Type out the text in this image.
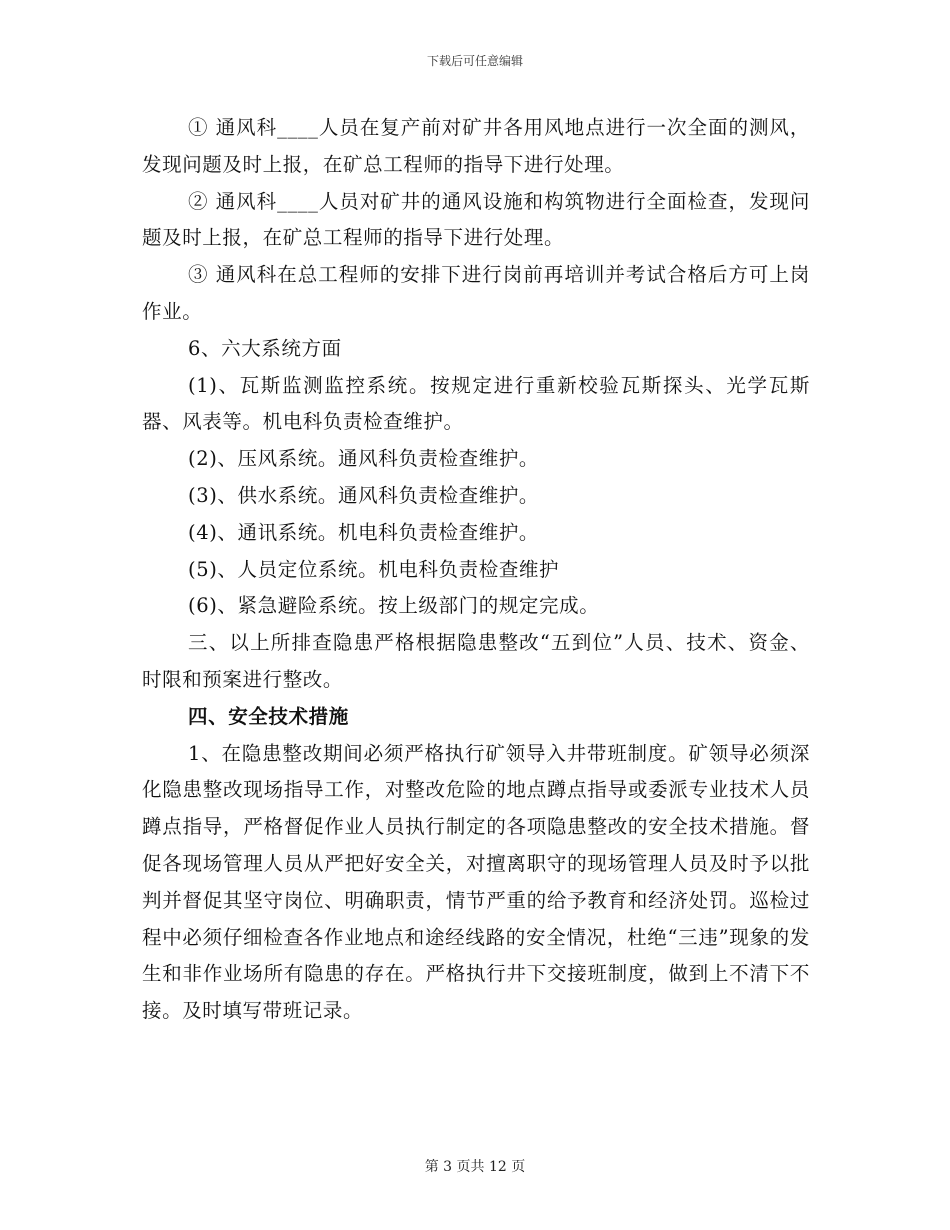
下载后可任意编辑

① 通风科____人员在复产前对矿井各用风地点进行一次全面的测风，发现问题及时上报，在矿总工程师的指导下进行处理。

② 通风科____人员对矿井的通风设施和构筑物进行全面检查，发现问题及时上报，在矿总工程师的指导下进行处理。

③ 通风科在总工程师的安排下进行岗前再培训并考试合格后方可上岗作业。

6、六大系统方面

(1)、瓦斯监测监控系统。按规定进行重新校验瓦斯探头、光学瓦斯器、风表等。机电科负责检查维护。

(2)、压风系统。通风科负责检查维护。

(3)、供水系统。通风科负责检查维护。

(4)、通讯系统。机电科负责检查维护。

(5)、人员定位系统。机电科负责检查维护

(6)、紧急避险系统。按上级部门的规定完成。

三、以上所排查隐患严格根据隐患整改“五到位”人员、技术、资金、时限和预案进行整改。

四、安全技术措施

1、在隐患整改期间必须严格执行矿领导入井带班制度。矿领导必须深化隐患整改现场指导工作，对整改危险的地点蹲点指导或委派专业技术人员蹲点指导，严格督促作业人员执行制定的各项隐患整改的安全技术措施。督促各现场管理人员从严把好安全关，对擅离职守的现场管理人员及时予以批判并督促其坚守岗位、明确职责，情节严重的给予教育和经济处罚。巡检过程中必须仔细检查各作业地点和途经线路的安全情况，杜绝“三违”现象的发生和非作业场所有隐患的存在。严格执行井下交接班制度，做到上不清下不接。及时填写带班记录。

第 3 页共 12 页
